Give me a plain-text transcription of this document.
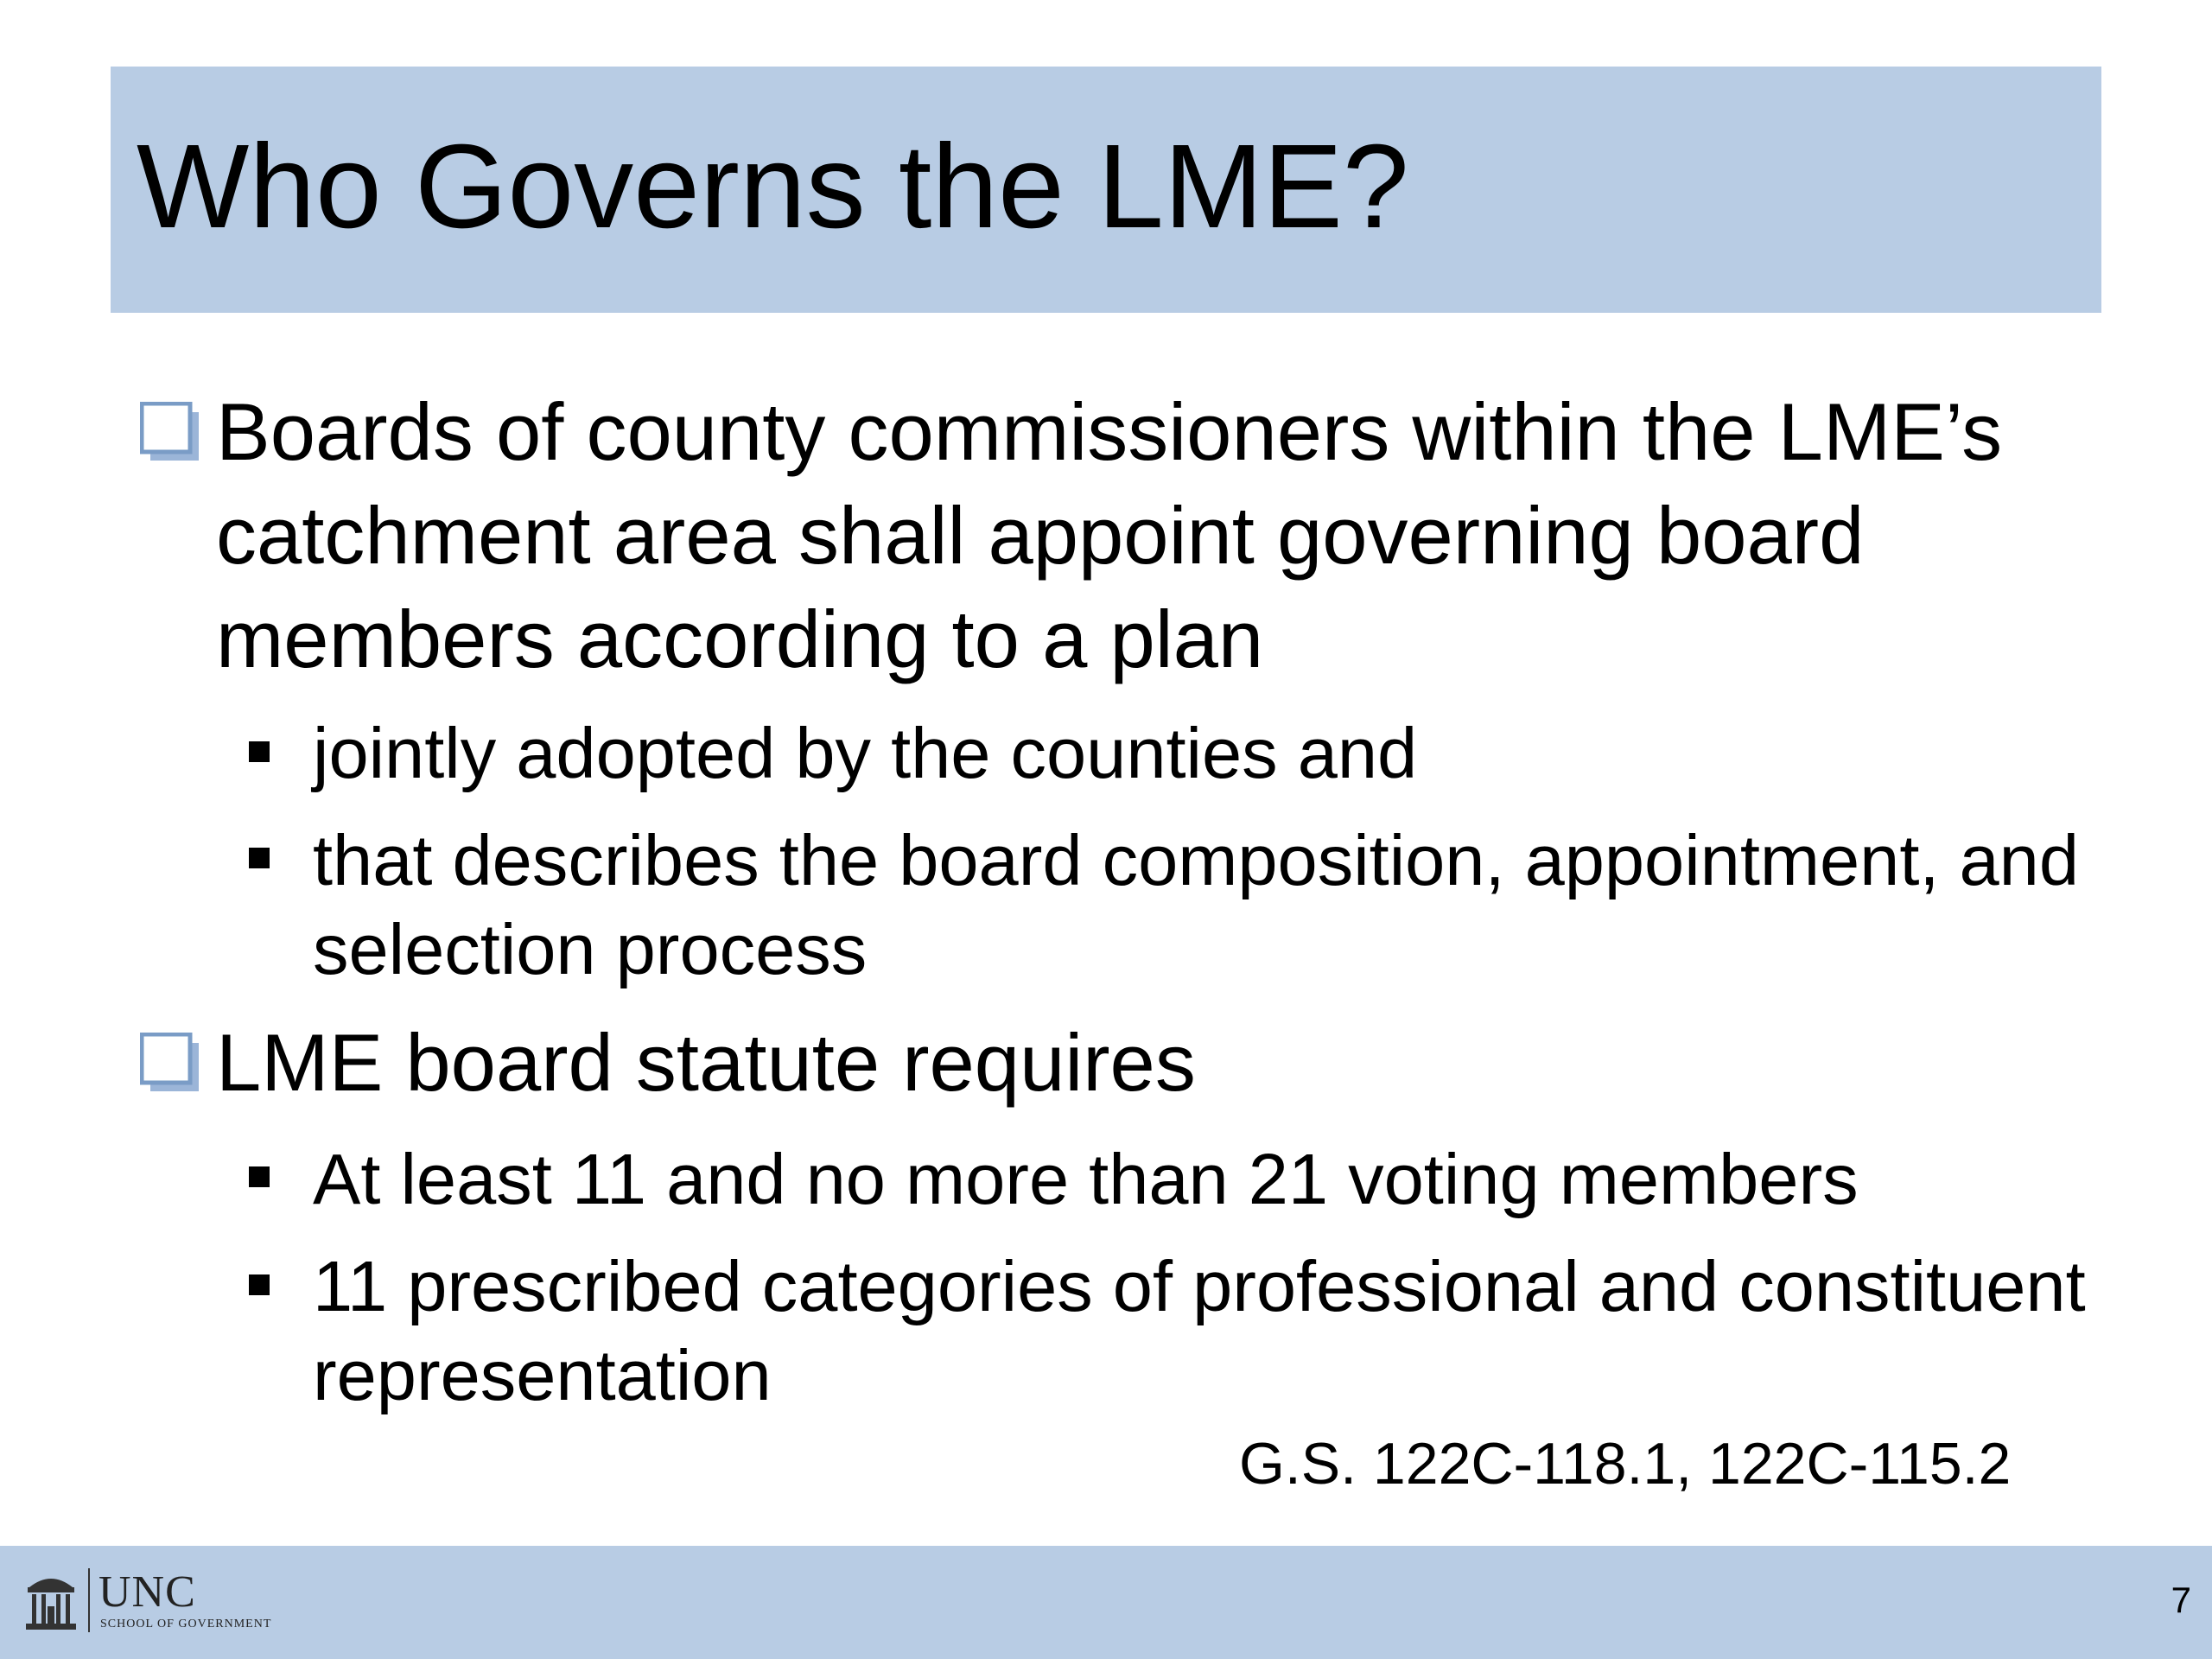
Who Governs the LME?
Boards of county commissioners within the LME’s
catchment area shall appoint governing board
members according to a plan
jointly adopted by the counties and
that describes the board composition, appointment, and
selection process
LME board statute requires
At least 11 and no more than 21 voting members
11 prescribed categories of professional and constituent
representation
G.S. 122C-118.1, 122C-115.2
UNC
SCHOOL OF GOVERNMENT
7
